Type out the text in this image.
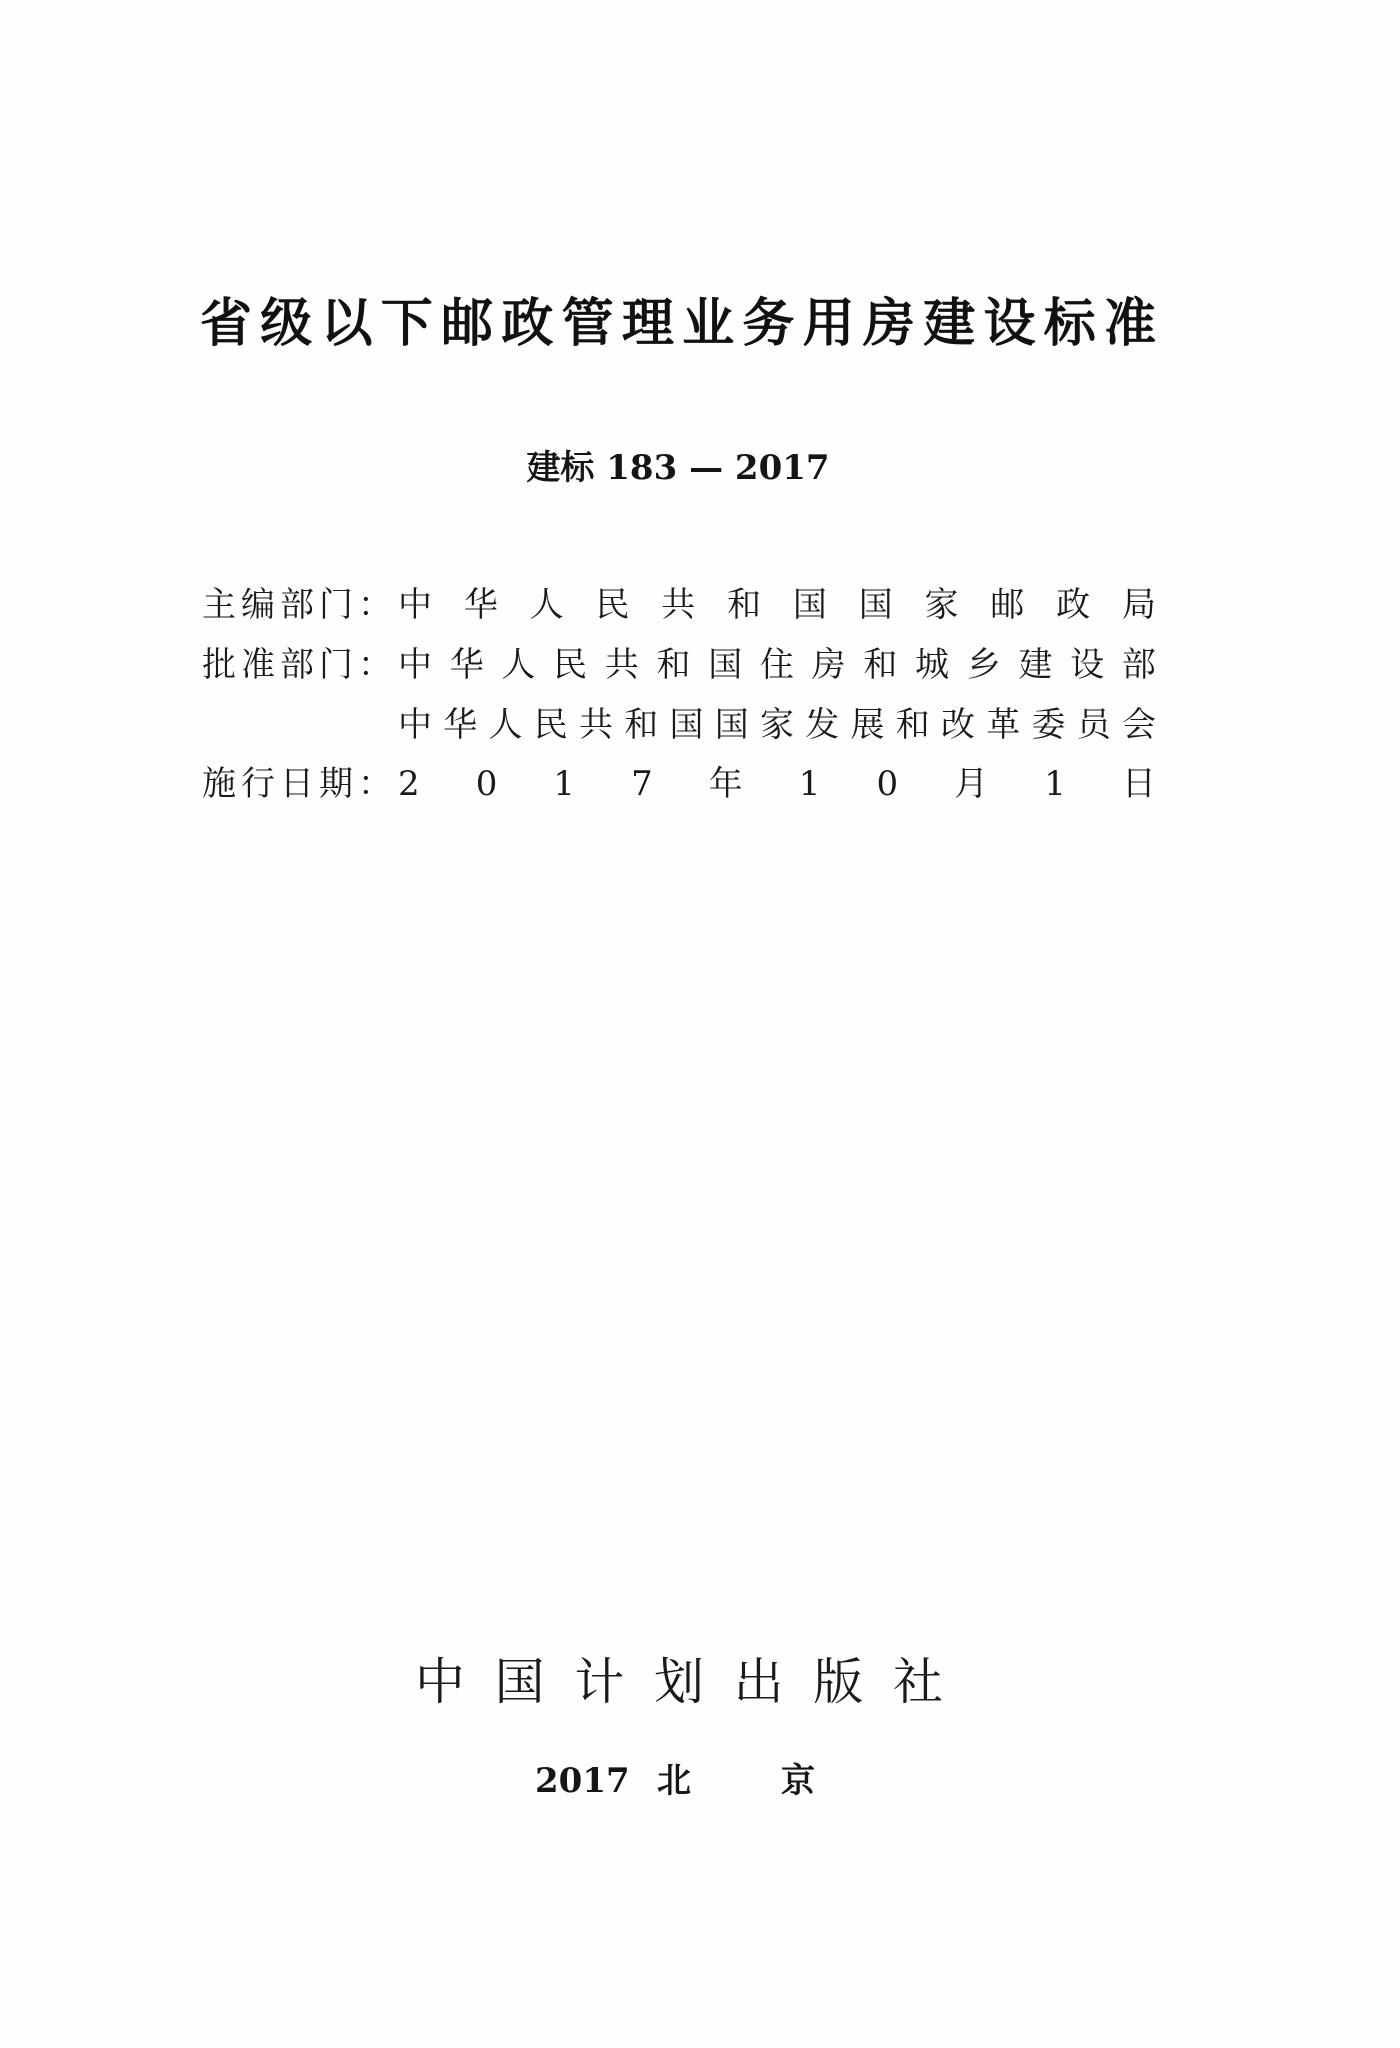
省 级 以 下 邮 政 管 理 业 务 用 房 建 设 标 准
建标 183 — 2017
主编部门： 中 华 人 民 共 和 国 国 家 邮 政 局
批准部门： 中 华 人 民 共 和 国 住 房 和 城 乡 建 设 部
中 华 人 民 共 和 国 国 家 发 展 和 改 革 委 员 会
施行日期： 2 0 1 7 年 1 0 月 1 日
中 国 计 划 出 版 社
2017 北	京
